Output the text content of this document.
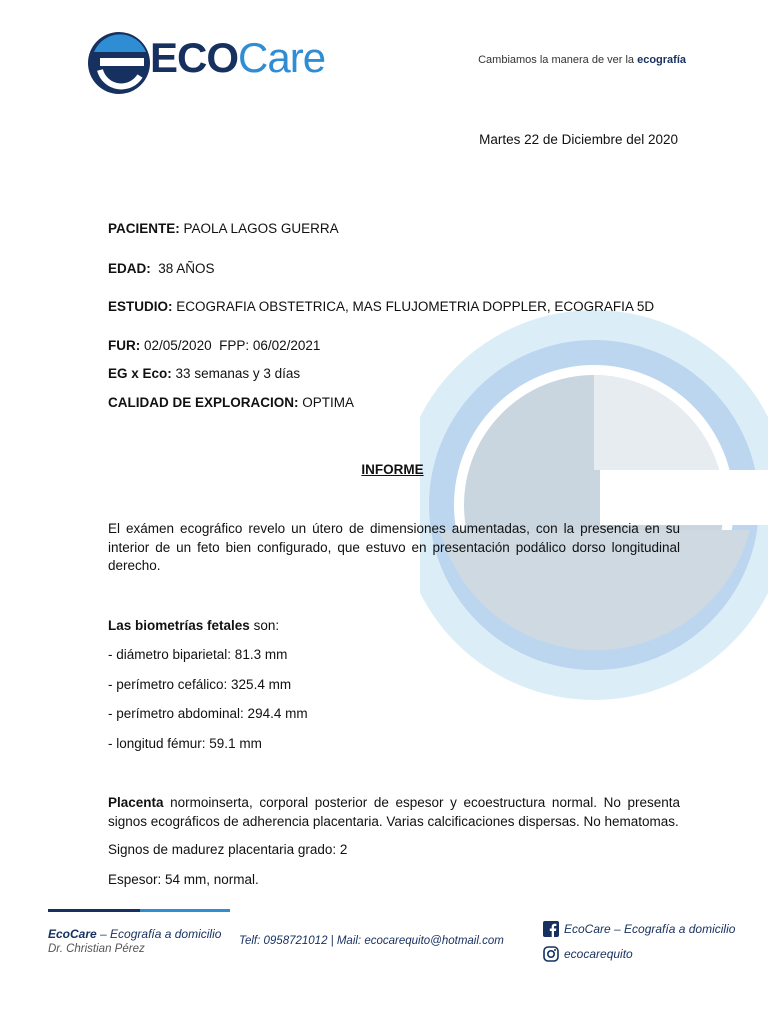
ECOCare	Cambiamos la manera de ver la ecografía
Martes 22 de Diciembre del 2020
PACIENTE: PAOLA LAGOS GUERRA
EDAD: 38 AÑOS
ESTUDIO: ECOGRAFIA OBSTETRICA, MAS FLUJOMETRIA DOPPLER, ECOGRAFIA 5D
FUR: 02/05/2020 FPP: 06/02/2021
EG x Eco: 33 semanas y 3 días
CALIDAD DE EXPLORACION: OPTIMA
INFORME
El exámen ecográfico revelo un útero de dimensiones aumentadas, con la presencia en su interior de un feto bien configurado, que estuvo en presentación podálico dorso longitudinal derecho.
Las biometrías fetales son:
- diámetro biparietal: 81.3 mm
- perímetro cefálico: 325.4 mm
- perímetro abdominal: 294.4 mm
- longitud fémur: 59.1 mm
Placenta normoinserta, corporal posterior de espesor y ecoestructura normal. No presenta signos ecográficos de adherencia placentaria. Varias calcificaciones dispersas. No hematomas.
Signos de madurez placentaria grado: 2
Espesor: 54 mm, normal.
EcoCare – Ecografía a domicilio
Dr. Christian Pérez
Telf: 0958721012 | Mail: ecocarequito@hotmail.com
EcoCare – Ecografía a domicilio
ecocarequito
